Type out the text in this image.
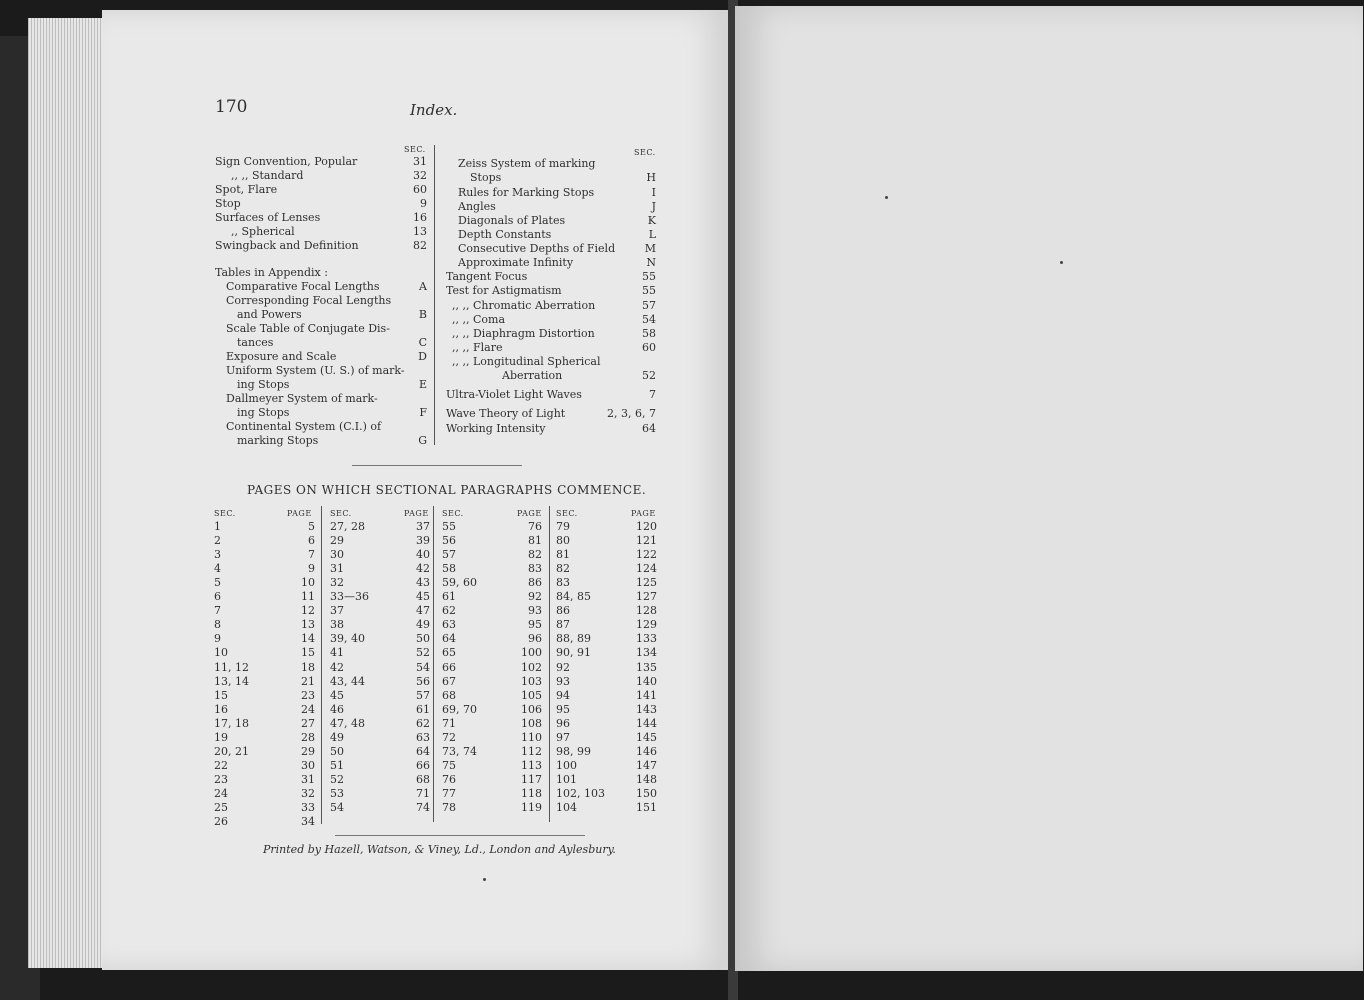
170	Index.
SEC.
Sign Convention, Popular	31
,, ,, Standard	32
Spot, Flare	60
Stop	9
Surfaces of Lenses	16
,, Spherical	13
Swingback and Definition	82
Tables in Appendix :
Comparative Focal Lengths	A
Corresponding Focal Lengths
and Powers	B
Scale Table of Conjugate Dis-
tances	C
Exposure and Scale	D
Uniform System (U. S.) of mark-
ing Stops	E
Dallmeyer System of mark-
ing Stops	F
Continental System (C.I.) of
marking Stops	G
SEC.
Zeiss System of marking
Stops	H
Rules for Marking Stops	I
Angles	J
Diagonals of Plates	K
Depth Constants	L
Consecutive Depths of Field	M
Approximate Infinity	N
Tangent Focus	55
Test for Astigmatism	55
,, ,, Chromatic Aberration	57
,, ,, Coma	54
,, ,, Diaphragm Distortion	58
,, ,, Flare	60
,, ,, Longitudinal Spherical
Aberration	52
Ultra-Violet Light Waves	7
Wave Theory of Light	2, 3, 6, 7
Working Intensity	64
PAGES ON WHICH SECTIONAL PARAGRAPHS COMMENCE.
SEC.	PAGE
1	5
2	6
3	7
4	9
5	10
6	11
7	12
8	13
9	14
10	15
11, 12	18
13, 14	21
15	23
16	24
17, 18	27
19	28
20, 21	29
22	30
23	31
24	32
25	33
26	34
SEC.	PAGE
27, 28	37
29	39
30	40
31	42
32	43
33—36	45
37	47
38	49
39, 40	50
41	52
42	54
43, 44	56
45	57
46	61
47, 48	62
49	63
50	64
51	66
52	68
53	71
54	74
SEC.	PAGE
55	76
56	81
57	82
58	83
59, 60	86
61	92
62	93
63	95
64	96
65	100
66	102
67	103
68	105
69, 70	106
71	108
72	110
73, 74	112
75	113
76	117
77	118
78	119
SEC.	PAGE
79	120
80	121
81	122
82	124
83	125
84, 85	127
86	128
87	129
88, 89	133
90, 91	134
92	135
93	140
94	141
95	143
96	144
97	145
98, 99	146
100	147
101	148
102, 103	150
104	151
Printed by Hazell, Watson, & Viney, Ld., London and Aylesbury.
